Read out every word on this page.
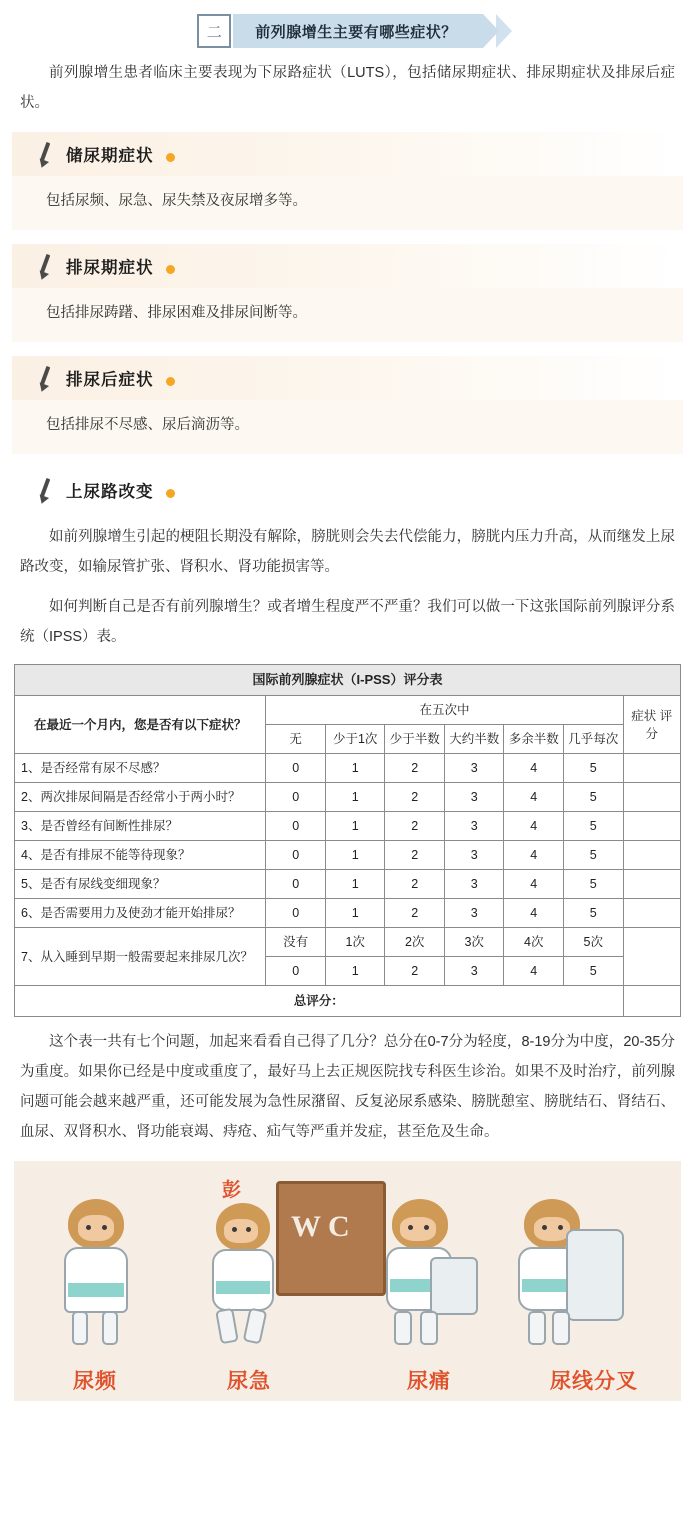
二	前列腺增生主要有哪些症状？

前列腺增生患者临床主要表现为下尿路症状（LUTS），包括储尿期症状、排尿期症状及排尿后症状。

储尿期症状
包括尿频、尿急、尿失禁及夜尿增多等。
排尿期症状
包括排尿踌躇、排尿困难及排尿间断等。
排尿后症状
包括排尿不尽感、尿后滴沥等。
上尿路改变

如前列腺增生引起的梗阻长期没有解除，膀胱则会失去代偿能力，膀胱内压力升高，从而继发上尿路改变，如输尿管扩张、肾积水、肾功能损害等。

如何判断自己是否有前列腺增生？或者增生程度严不严重？我们可以做一下这张国际前列腺评分系统（IPSS）表。

国际前列腺症状（I-PSS）评分表							
在最近一个月内，您是否有以下症状？	在五次中						症状 评分
	无	少于1次	少于半数	大约半数	多余半数	几乎每次	
1、是否经常有尿不尽感？	0	1	2	3	4	5	
2、两次排尿间隔是否经常小于两小时？	0	1	2	3	4	5	
3、是否曾经有间断性排尿？	0	1	2	3	4	5	
4、是否有排尿不能等待现象？	0	1	2	3	4	5	
5、是否有尿线变细现象？	0	1	2	3	4	5	
6、是否需要用力及使劲才能开始排尿？	0	1	2	3	4	5	
7、从入睡到早期一般需要起来排尿几次？	没有	1次	2次	3次	4次	5次	
	0	1	2	3	4	5	
总评分：							

这个表一共有七个问题，加起来看看自己得了几分？总分在0-7分为轻度，8-19分为中度，20-35分为重度。如果你已经是中度或重度了，最好马上去正规医院找专科医生诊治。如果不及时治疗，前列腺问题可能会越来越严重，还可能发展为急性尿潴留、反复泌尿系感染、膀胱憩室、膀胱结石、肾结石、血尿、双肾积水、肾功能衰竭、痔疮、疝气等严重并发症，甚至危及生命。

尿频
彭
W C
尿急	尿痛	尿线分叉
